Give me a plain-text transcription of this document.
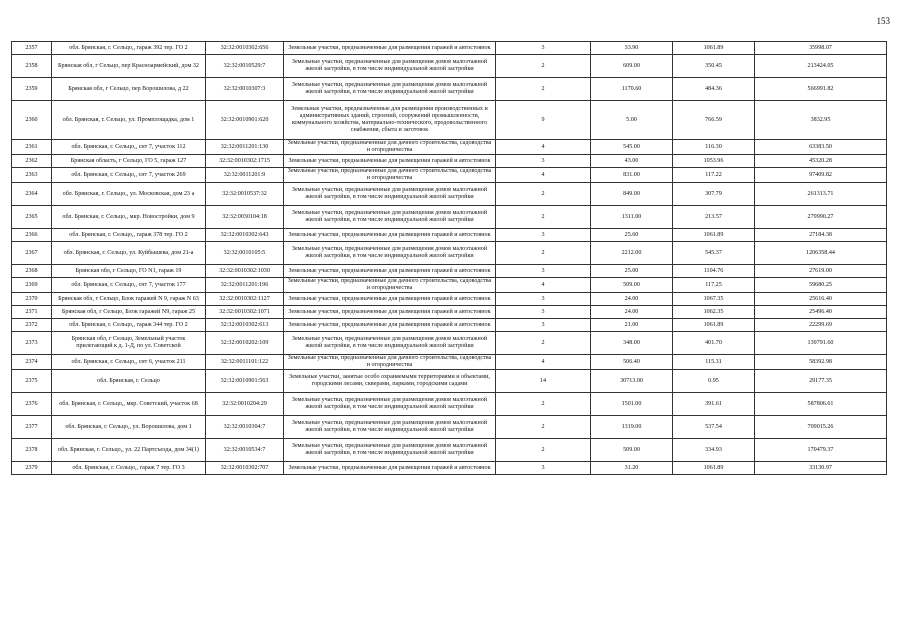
153
2357	обл. Брянская, г. Сельцо,, гараж 392 тер. ГО 2	32:32:0010302:656	Земельные участки, предназначенные для размещения гаражей и автостоянок	3	33.90	1061.89	35998.07
2358	Брянская обл, г Сельцо, пер Красноармейский, дом 32	32:32:0010529:7	Земельные участки, предназначенные для размещения домов малоэтажной жилой застройки, в том числе индивидуальной жилой застройки	2	609.00	350.45	213424.05
2359	Брянская обл, г Сельцо, пер Ворошилова, д 22	32:32:0010307:3	Земельные участки, предназначенные для размещения домов малоэтажной жилой застройки, в том числе индивидуальной жилой застройки	2	1170.60	484.36	566991.82
2360	обл. Брянская, г. Сельцо, ул. Промплощадка, дом 1	32:32:0010901:620	Земельные участки, предназначенные для размещения производственных и административных зданий, строений, сооружений промышленности, коммунального хозяйства, материально-технического, продовольственного снабжения, сбыта и заготовок	9	5.00	766.59	3832.95
2361	обл. Брянская, г. Сельцо,, снт 7, участок 112	32:32:0011201:130	Земельные участки, предназначенные для дачного строительства, садоводства и огородничества	4	545.00	116.30	63383.50
2362	Брянская область, г Сельцо, ГО 5, гараж 127	32:32:0010302:1715	Земельные участки, предназначенные для размещения гаражей и автостоянок	3	43.00	1053.96	45320.28
2363	обл. Брянская, г. Сельцо,, снт 7, участок 269	32:32:0011201:9	Земельные участки, предназначенные для дачного строительства, садоводства и огородничества	4	831.00	117.22	97409.82
2364	обл. Брянская, г. Сельцо,, ул. Московская, дом 23 а	32:32:0010537:32	Земельные участки, предназначенные для размещения домов малоэтажной жилой застройки, в том числе индивидуальной жилой застройки	2	849.00	307.79	261313.71
2365	обл. Брянская, г. Сельцо,, мкр. Новостройки, дом 9	32:32:0030104:18	Земельные участки, предназначенные для размещения домов малоэтажной жилой застройки, в том числе индивидуальной жилой застройки	2	1311.00	213.57	279990.27
2366	обл. Брянская, г. Сельцо,, гараж 378 тер. ГО 2	32:32:0010302:643	Земельные участки, предназначенные для размещения гаражей и автостоянок	3	25.60	1061.89	27184.38
2367	обл. Брянская, г. Сельцо, ул. Куйбышева, дом 21-а	32:32:0010105:5	Земельные участки, предназначенные для размещения домов малоэтажной жилой застройки, в том числе индивидуальной жилой застройки	2	2212.00	545.37	1206358.44
2368	Брянская обл, г Сельцо, ГО N1, гараж 19	32:32:0010302:1030	Земельные участки, предназначенные для размещения гаражей и автостоянок	3	25.00	1104.76	27619.00
2369	обл. Брянская, г. Сельцо,, снт 7, участок 177	32:32:0011201:196	Земельные участки, предназначенные для дачного строительства, садоводства и огородничества	4	509.00	117.25	59680.25
2370	Брянская обл, г Сельцо, Блок гаражей N 9, гараж N 63	32:32:0010302:1127	Земельные участки, предназначенные для размещения гаражей и автостоянок	3	24.00	1067.35	25616.40
2371	Брянская обл, г Сельцо, Блок гаражей N9, гараж 25	32:32:0010302:1071	Земельные участки, предназначенные для размещения гаражей и автостоянок	3	24.00	1062.35	25496.40
2372	обл. Брянская, г. Сельцо,, гараж 344 тер. ГО 2	32:32:0010302:613	Земельные участки, предназначенные для размещения гаражей и автостоянок	3	21.00	1061.89	22299.69
2373	Брянская обл, г Сельцо, Земельный участок прилегающий к д. 1-Д, по ул. Советской	32:32:0010202:109	Земельные участки, предназначенные для размещения домов малоэтажной жилой застройки, в том числе индивидуальной жилой застройки	2	348.00	401.70	139791.60
2374	обл. Брянская, г. Сельцо,, снт 6, участок 211	32:32:0011101:122	Земельные участки, предназначенные для дачного строительства, садоводства и огородничества	4	506.40	115.31	58392.98
2375	обл. Брянская, г. Сельцо	32:32:0010901:563	Земельные участки, занятые особо охраняемыми территориями и объектами, городскими лесами, скверами, парками, городскими садами	14	30713.00	0.95	29177.35
2376	обл. Брянская, г. Сельцо,, мкр. Советский, участок 68	32:32:0010204:29	Земельные участки, предназначенные для размещения домов малоэтажной жилой застройки, в том числе индивидуальной жилой застройки	2	1501.00	391.61	587806.61
2377	обл. Брянская, г. Сельцо,, ул. Ворошилова, дом 1	32:32:0010304:7	Земельные участки, предназначенные для размещения домов малоэтажной жилой застройки, в том числе индивидуальной жилой застройки	2	1319.00	537.54	709015.26
2378	обл. Брянская, г. Сельцо,, ул. 22 Партсъезда, дом 34(1)	32:32:0010534:7	Земельные участки, предназначенные для размещения домов малоэтажной жилой застройки, в том числе индивидуальной жилой застройки	2	509.00	334.93	170479.37
2379	обл. Брянская, г. Сельцо,, гараж 7 тер. ГО 3	32:32:0010302:707	Земельные участки, предназначенные для размещения гаражей и автостоянок	3	31.20	1061.89	33130.97
